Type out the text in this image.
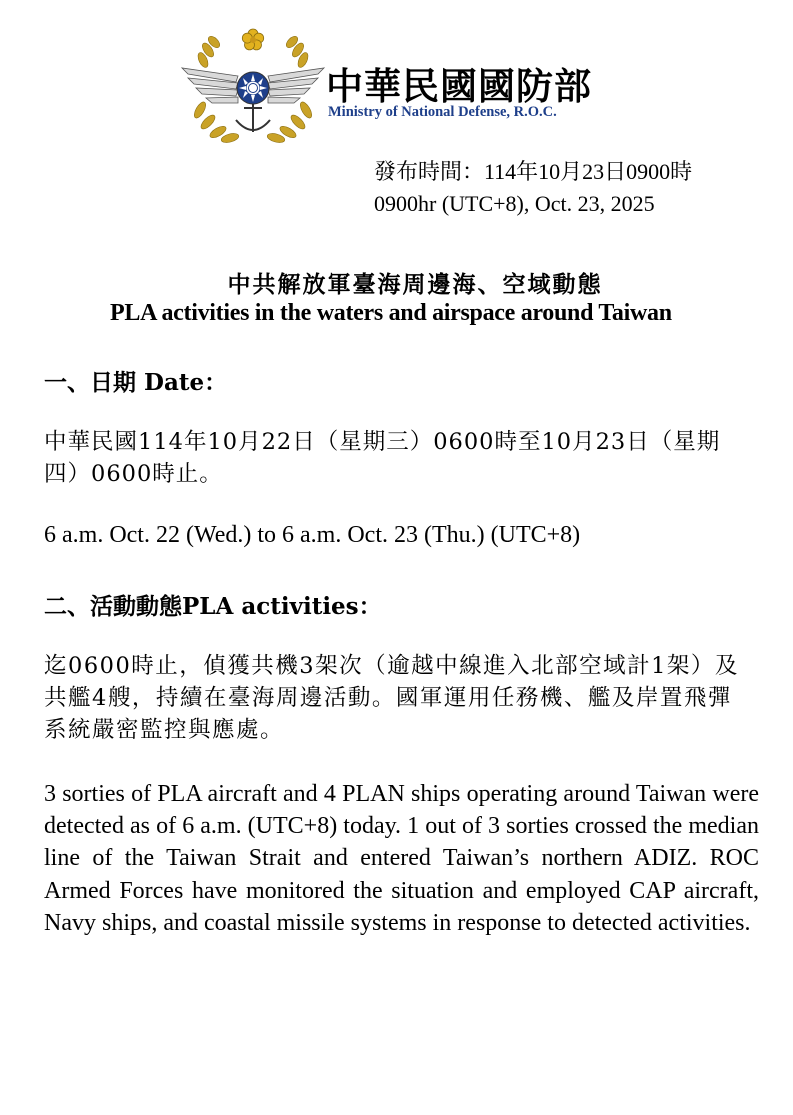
中華民國國防部
Ministry of National Defense, R.O.C.
發布時間：114年10月23日0900時
0900hr (UTC+8), Oct. 23, 2025
中共解放軍臺海周邊海、空域動態
PLA activities in the waters and airspace around Taiwan
一、日期 Date：
中華民國114年10月22日（星期三）0600時至10月23日（星期四）0600時止。
6 a.m. Oct. 22 (Wed.) to 6 a.m. Oct. 23 (Thu.) (UTC+8)
二、活動動態PLA activities：
迄0600時止，偵獲共機3架次（逾越中線進入北部空域計1架）及共艦4艘，持續在臺海周邊活動。國軍運用任務機、艦及岸置飛彈系統嚴密監控與應處。
3 sorties of PLA aircraft and 4 PLAN ships operating around Taiwan were detected as of 6 a.m. (UTC+8) today. 1 out of 3 sorties crossed the median line of the Taiwan Strait and entered Taiwan’s northern ADIZ. ROC Armed Forces have monitored the situation and employed CAP aircraft, Navy ships, and coastal missile systems in response to detected activities.
